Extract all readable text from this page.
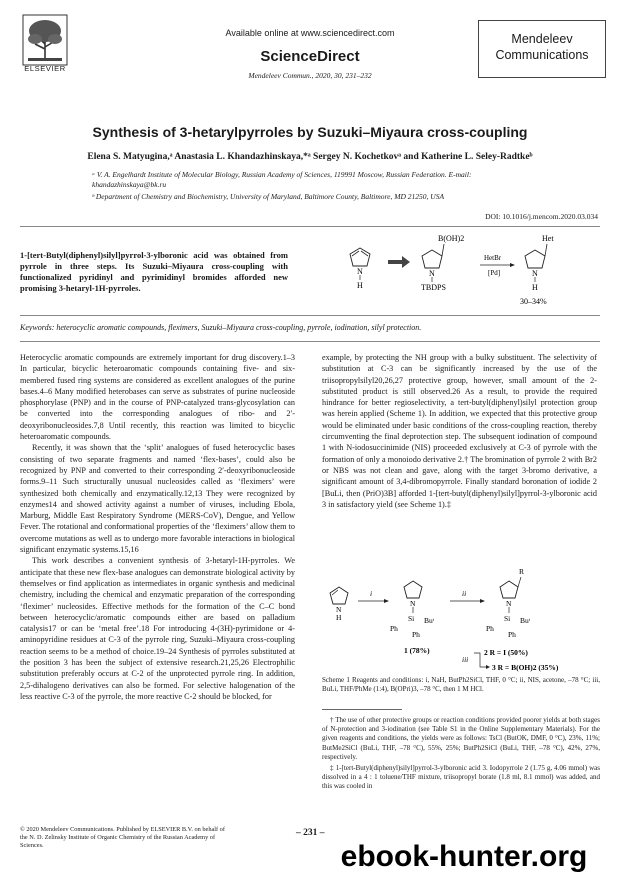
ELSEVIER
Available online at www.sciencedirect.com
ScienceDirect
Mendeleev Commun., 2020, 30, 231–232
Mendeleev
Communications
Synthesis of 3-hetarylpyrroles by Suzuki–Miyaura cross-coupling
Elena S. Matyugina,ᵃ Anastasia L. Khandazhinskaya,*ᵃ Sergey N. Kochetkovᵃ and Katherine L. Seley-Radtkeᵇ
ᵃ V. A. Engelhardt Institute of Molecular Biology, Russian Academy of Sciences, 119991 Moscow, Russian Federation. E-mail: khandazhinskaya@bk.ru
ᵇ Department of Chemistry and Biochemistry, University of Maryland, Baltimore County, Baltimore, MD 21250, USA
DOI: 10.1016/j.mencom.2020.03.034
1-[tert-Butyl(diphenyl)silyl]pyrrol-3-ylboronic acid was obtained from pyrrole in three steps. Its Suzuki–Miyaura cross-coupling with functionalized pyridinyl and pyrimidinyl bromides afforded new promising 3-hetaryl-1H-pyrroles.
N
H
B(OH)2
N
TBDPS
HetBr
[Pd]
Het
N
H
30–34%
Keywords: heterocyclic aromatic compounds, fleximers, Suzuki–Miyaura cross-coupling, pyrrole, iodination, silyl protection.

Heterocyclic aromatic compounds are extremely important for drug discovery.1–3 In particular, bicyclic heteroaromatic compounds containing five- and six-membered fused ring systems are considered as excellent analogues of the purine bases.4–6 Many modified heterobases can serve as substrates of purine nucleoside phosphorylase (PNP) and in the course of PNP-catalyzed trans-glycosylation can be converted into the corresponding analogues of ribo- and 2′-deoxyribonucleosides.7,8 Until recently, this reaction was limited to bicyclic heteroaromatic compounds.

Recently, it was shown that the ‘split’ analogues of fused heterocyclic bases consisting of two separate fragments and named ‘flex-bases’, could also be recognized by PNP and converted to their corresponding 2′-deoxyribonucleoside forms.9–11 Such structurally unusual nucleosides called as ‘fleximers’ were synthesized both chemically and enzymatically.12,13 They were recognized by enzymes14 and showed activity against a number of viruses, including Ebola, Marburg, Middle East Respiratory Syndrome (MERS-CoV), Dengue, and Yellow Fever. The rotational and conformational properties of the ‘fleximers’ allow them to overcome mutations as well as to undergo more favorable interactions in biological significant enzymatic systems.15,16

This work describes a convenient synthesis of 3-hetaryl-1H-pyrroles. We anticipate that these new flex-base analogues can demonstrate biological activity by themselves or find application as intermediates in organic synthesis and medicinal chemistry, including the chemical and enzymatic preparation of the corresponding ‘fleximer’ nucleosides. Effective methods for the formation of the C–C bond between heterocyclic/aromatic compounds either are based on palladium catalysis17 or can be ‘metal free’.18 For introducing 4-(3H)-pyrimidone or 4-aminopyridine residues at C-3 of the pyrrole ring, Suzuki–Miyaura cross-coupling reaction seems to be a method of choice.19–24 Synthesis of pyrroles substituted at the position 3 has been the subject of extensive research.21,25,26 Electrophilic substitution preferably occurs at C-2 of the unprotected pyrrole ring. In addition, 2,5-dihalogeno derivatives can also be formed. For selective halogenation of the less reactive C-3 of the pyrrole, the more reactive C-2 should be blocked, for

example, by protecting the NH group with a bulky substituent. The selectivity of substitution at C-3 can be significantly increased by the use of the triisopropylsilyl20,26,27 protective group, however, small amount of the 2-substituted product is still observed.26 As a result, to provide the required hindrance for better regioselectivity, a tert-butyl(diphenyl)silyl protection group was herein applied (Scheme 1). In addition, we expected that this protective group would be eliminated under basic conditions of the cross-coupling reaction, thereby circumventing the final deprotection step. The subsequent iodination of compound 1 with N-iodosuccinimide (NIS) proceeded exclusively at C-3 of pyrrole with the formation of only a monoiodo derivative 2.† The bromination of pyrrole 2 with Br2 or NBS was not clean and gave, along with the target 3-bromo derivative, a significant amount of 3,4-dibromopyrrole. Finally standard boronation of iodide 2 [BuLi, then (PriO)3B] afforded 1-[tert-butyl(diphenyl)silyl]pyrrol-3-ylboronic acid 3 in satisfactory yield (see Scheme 1).‡

N
H
i
N
Si Buᵗ
Ph
Ph
1 (78%)
ii
R
N
Si Buᵗ
Ph
Ph
iii
2 R = I (50%)
3 R = B(OH)2 (35%)
Scheme 1 Reagents and conditions: i, NaH, ButPh2SiCl, THF, 0 °C; ii, NIS, acetone, –78 °C; iii, BuLi, THF/PhMe (1:4), B(OPri)3, –78 °C, then 1 M HCl.

† The use of other protective groups or reaction conditions provided poorer yields at both stages of N-protection and 3-iodination (see Table S1 in the Online Supplementary Materials). For the given reagents and conditions, the yields were as follows: TsCl (ButOK, DMF, 0 °C), 23%, 11%; ButMe2SiCl (BuLi, THF, –78 °C), 55%, 25%; ButPh2SiCl (BuLi, THF, –78 °C), 42%, 27%, respectively.

‡ 1-[tert-Butyl(diphenyl)silyl]pyrrol-3-ylboronic acid 3. Iodopyrrole 2 (1.75 g, 4.06 mmol) was dissolved in a 4 : 1 toluene/THF mixture, triisopropyl borate (1.8 ml, 8.1 mmol) was added, and this was cooled in

© 2020 Mendeleev Communications. Published by ELSEVIER B.V. on behalf of the N. D. Zelinsky Institute of Organic Chemistry of the Russian Academy of Sciences.
– 231 –
ebook-hunter.org
